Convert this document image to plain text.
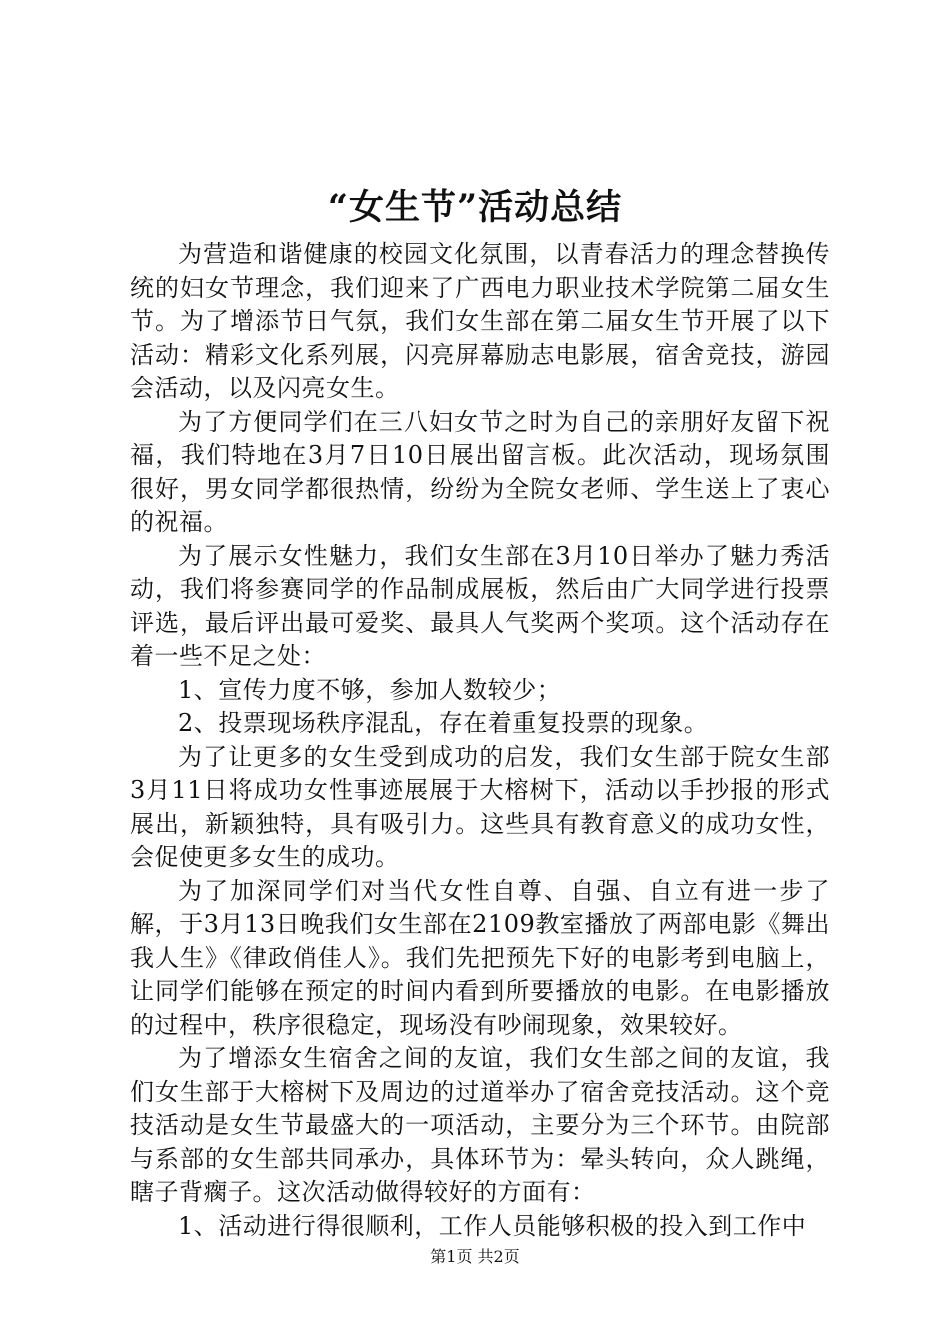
“女生节”活动总结

为营造和谐健康的校园文化氛围，以青春活力的理念替换传统的妇女节理念，我们迎来了广西电力职业技术学院第二届女生节。为了增添节日气氛，我们女生部在第二届女生节开展了以下活动：精彩文化系列展，闪亮屏幕励志电影展，宿舍竞技，游园会活动，以及闪亮女生。

为了方便同学们在三八妇女节之时为自己的亲朋好友留下祝福，我们特地在3月7日10日展出留言板。此次活动，现场氛围很好，男女同学都很热情，纷纷为全院女老师、学生送上了衷心的祝福。

为了展示女性魅力，我们女生部在3月10日举办了魅力秀活动，我们将参赛同学的作品制成展板，然后由广大同学进行投票评选，最后评出最可爱奖、最具人气奖两个奖项。这个活动存在着一些不足之处：

1、宣传力度不够，参加人数较少；

2、投票现场秩序混乱，存在着重复投票的现象。

为了让更多的女生受到成功的启发，我们女生部于院女生部3月11日将成功女性事迹展展于大榕树下，活动以手抄报的形式展出，新颖独特，具有吸引力。这些具有教育意义的成功女性，会促使更多女生的成功。

为了加深同学们对当代女性自尊、自强、自立有进一步了解，于3月13日晚我们女生部在2109教室播放了两部电影《舞出我人生》《律政俏佳人》。我们先把预先下好的电影考到电脑上，让同学们能够在预定的时间内看到所要播放的电影。在电影播放的过程中，秩序很稳定，现场没有吵闹现象，效果较好。

为了增添女生宿舍之间的友谊，我们女生部之间的友谊，我们女生部于大榕树下及周边的过道举办了宿舍竞技活动。这个竞技活动是女生节最盛大的一项活动，主要分为三个环节。由院部与系部的女生部共同承办，具体环节为：晕头转向，众人跳绳，瞎子背瘸子。这次活动做得较好的方面有：

1、活动进行得很顺利，工作人员能够积极的投入到工作中

第1页 共2页
